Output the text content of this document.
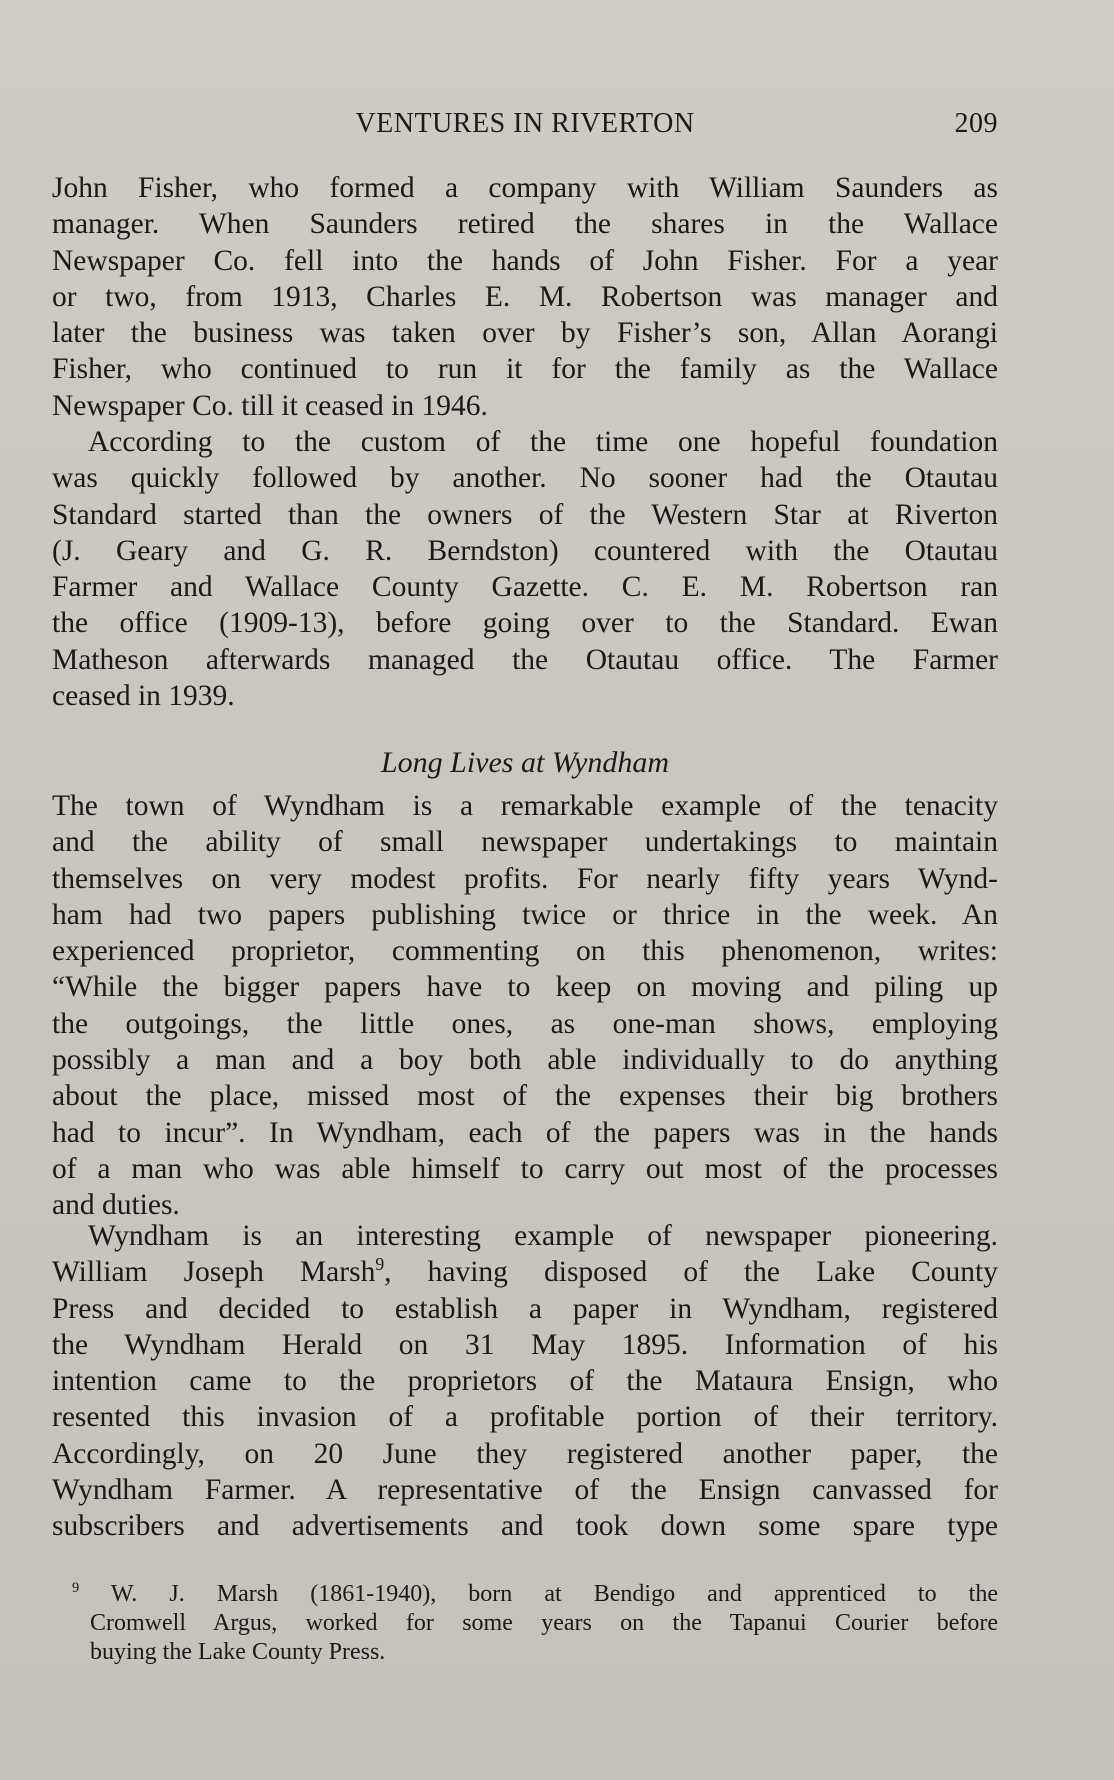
VENTURES IN RIVERTON	209
John Fisher, who formed a company with William Saunders as
manager. When Saunders retired the shares in the Wallace
Newspaper Co. fell into the hands of John Fisher. For a year
or two, from 1913, Charles E. M. Robertson was manager and
later the business was taken over by Fisher’s son, Allan Aorangi
Fisher, who continued to run it for the family as the Wallace
Newspaper Co. till it ceased in 1946.
According to the custom of the time one hopeful foundation
was quickly followed by another. No sooner had the Otautau
Standard started than the owners of the Western Star at Riverton
(J. Geary and G. R. Berndston) countered with the Otautau
Farmer and Wallace County Gazette. C. E. M. Robertson ran
the office (1909-13), before going over to the Standard. Ewan
Matheson afterwards managed the Otautau office. The Farmer
ceased in 1939.
Long Lives at Wyndham
The town of Wyndham is a remarkable example of the tenacity
and the ability of small newspaper undertakings to maintain
themselves on very modest profits. For nearly fifty years Wynd-
ham had two papers publishing twice or thrice in the week. An
experienced proprietor, commenting on this phenomenon, writes:
“While the bigger papers have to keep on moving and piling up
the outgoings, the little ones, as one-man shows, employing
possibly a man and a boy both able individually to do anything
about the place, missed most of the expenses their big brothers
had to incur”. In Wyndham, each of the papers was in the hands
of a man who was able himself to carry out most of the processes
and duties.
Wyndham is an interesting example of newspaper pioneering.
William Joseph Marsh$^9$, having disposed of the Lake County
Press and decided to establish a paper in Wyndham, registered
the Wyndham Herald on 31 May 1895. Information of his
intention came to the proprietors of the Mataura Ensign, who
resented this invasion of a profitable portion of their territory.
Accordingly, on 20 June they registered another paper, the
Wyndham Farmer. A representative of the Ensign canvassed for
subscribers and advertisements and took down some spare type
$^9$ W. J. Marsh (1861-1940), born at Bendigo and apprenticed to the
Cromwell Argus, worked for some years on the Tapanui Courier before
buying the Lake County Press.
